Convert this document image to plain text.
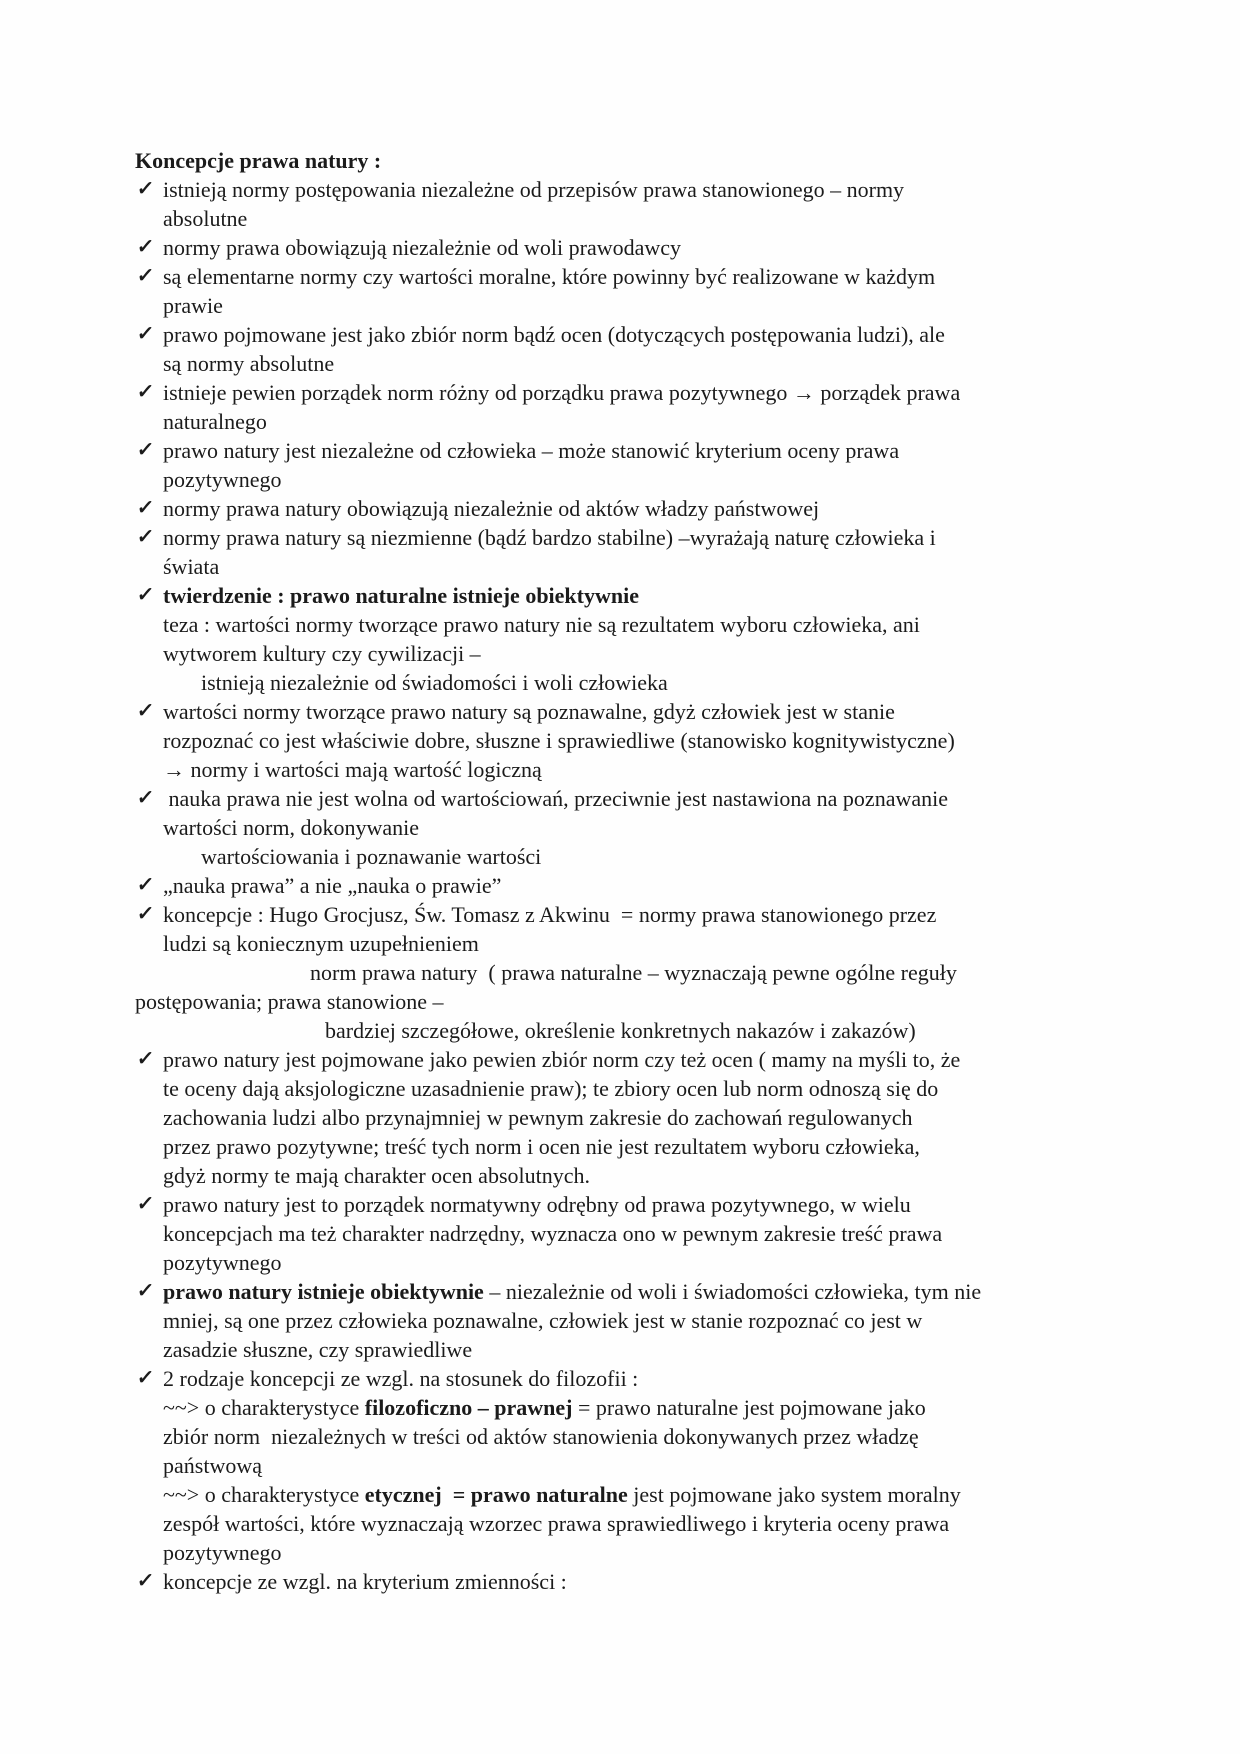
Koncepcje prawa natury :
✓ istnieją normy postępowania niezależne od przepisów prawa stanowionego – normy
absolutne
✓ normy prawa obowiązują niezależnie od woli prawodawcy
✓ są elementarne normy czy wartości moralne, które powinny być realizowane w każdym
prawie
✓ prawo pojmowane jest jako zbiór norm bądź ocen (dotyczących postępowania ludzi), ale
są normy absolutne
✓ istnieje pewien porządek norm różny od porządku prawa pozytywnego → porządek prawa
naturalnego
✓ prawo natury jest niezależne od człowieka – może stanowić kryterium oceny prawa
pozytywnego
✓ normy prawa natury obowiązują niezależnie od aktów władzy państwowej
✓ normy prawa natury są niezmienne (bądź bardzo stabilne) –wyrażają naturę człowieka i
świata
✓ twierdzenie : prawo naturalne istnieje obiektywnie
teza : wartości normy tworzące prawo natury nie są rezultatem wyboru człowieka, ani
wytworem kultury czy cywilizacji –
istnieją niezależnie od świadomości i woli człowieka
✓ wartości normy tworzące prawo natury są poznawalne, gdyż człowiek jest w stanie
rozpoznać co jest właściwie dobre, słuszne i sprawiedliwe (stanowisko kognitywistyczne)
→ normy i wartości mają wartość logiczną
✓ nauka prawa nie jest wolna od wartościowań, przeciwnie jest nastawiona na poznawanie
wartości norm, dokonywanie
wartościowania i poznawanie wartości
✓ „nauka prawa” a nie „nauka o prawie”
✓ koncepcje : Hugo Grocjusz, Św. Tomasz z Akwinu  = normy prawa stanowionego przez
ludzi są koniecznym uzupełnieniem
norm prawa natury  ( prawa naturalne – wyznaczają pewne ogólne reguły
postępowania; prawa stanowione –
bardziej szczegółowe, określenie konkretnych nakazów i zakazów)
✓ prawo natury jest pojmowane jako pewien zbiór norm czy też ocen ( mamy na myśli to, że
te oceny dają aksjologiczne uzasadnienie praw); te zbiory ocen lub norm odnoszą się do
zachowania ludzi albo przynajmniej w pewnym zakresie do zachowań regulowanych
przez prawo pozytywne; treść tych norm i ocen nie jest rezultatem wyboru człowieka,
gdyż normy te mają charakter ocen absolutnych.
✓ prawo natury jest to porządek normatywny odrębny od prawa pozytywnego, w wielu
koncepcjach ma też charakter nadrzędny, wyznacza ono w pewnym zakresie treść prawa
pozytywnego
✓ prawo natury istnieje obiektywnie – niezależnie od woli i świadomości człowieka, tym nie
mniej, są one przez człowieka poznawalne, człowiek jest w stanie rozpoznać co jest w
zasadzie słuszne, czy sprawiedliwe
✓ 2 rodzaje koncepcji ze wzgl. na stosunek do filozofii :
~~> o charakterystyce filozoficzno – prawnej = prawo naturalne jest pojmowane jako
zbiór norm  niezależnych w treści od aktów stanowienia dokonywanych przez władzę
państwową
~~> o charakterystyce etycznej  = prawo naturalne jest pojmowane jako system moralny
zespół wartości, które wyznaczają wzorzec prawa sprawiedliwego i kryteria oceny prawa
pozytywnego
✓ koncepcje ze wzgl. na kryterium zmienności :
